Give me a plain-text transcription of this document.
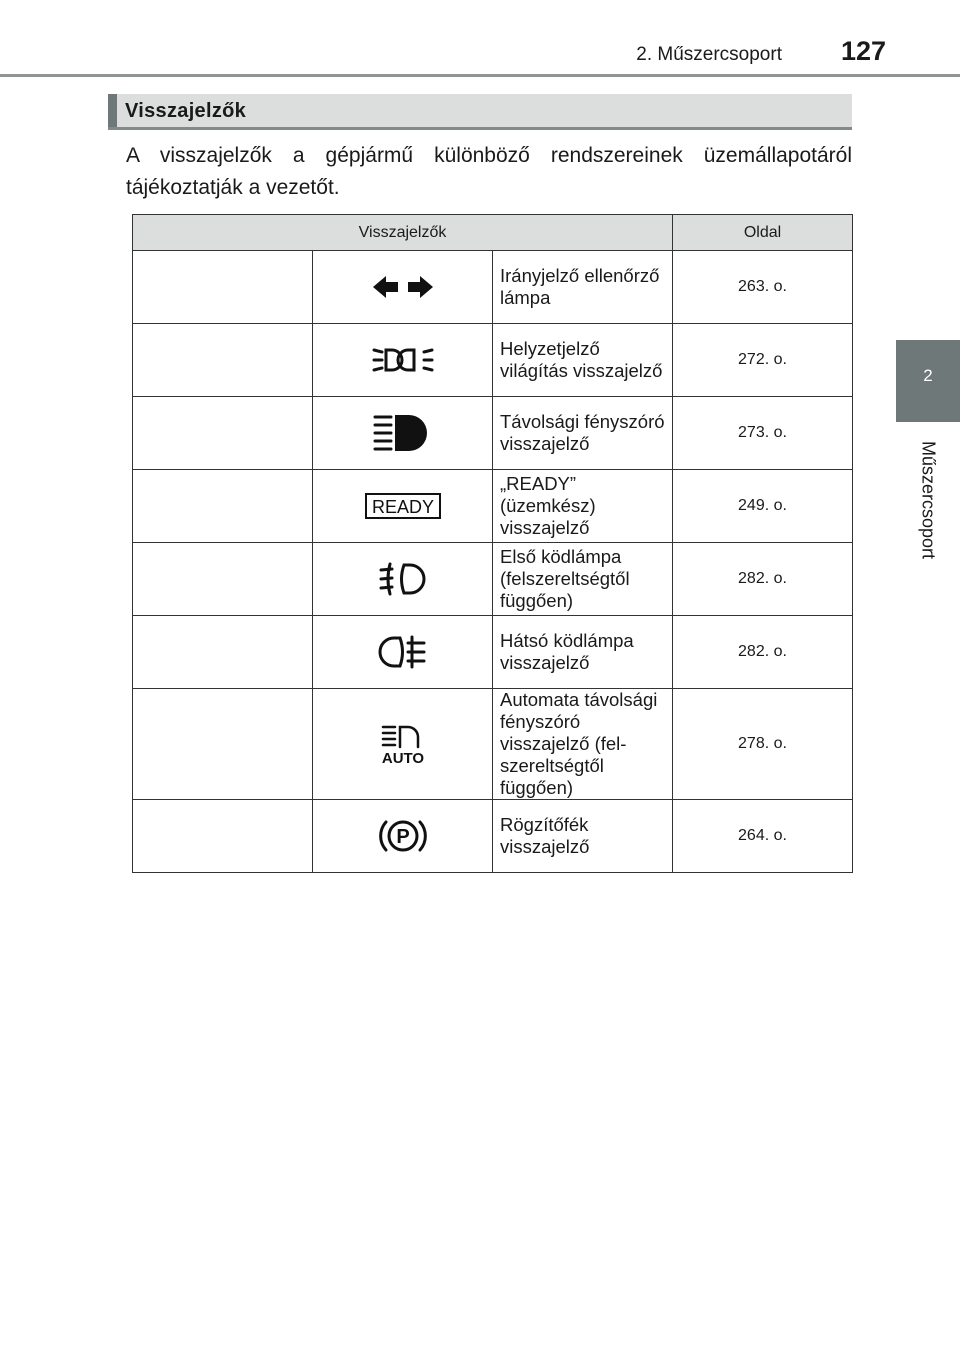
2. Műszercsoport	127
2
Műszercsoport
Visszajelzők
A visszajelzők a gépjármű különböző rendszereinek üzemállapotáról tájékoztatják a vezetőt.
Visszajelzők			Oldal

	Irányjelző ellenőrző lámpa	263. o.

	Helyzetjelző világítás visszajelző	272. o.

	Távolsági fényszóró visszajelző	273. o.

READY	„READY” (üzemkész) visszajelző	249. o.

	Első ködlámpa (felszereltségtől függően)	282. o.

	Hátsó ködlámpa visszajelző	282. o.

AUTO	Automata távolsági fényszóró visszajelző (fel-
szereltségtől függően)	278. o.

P	Rögzítőfék visszajelző	264. o.
